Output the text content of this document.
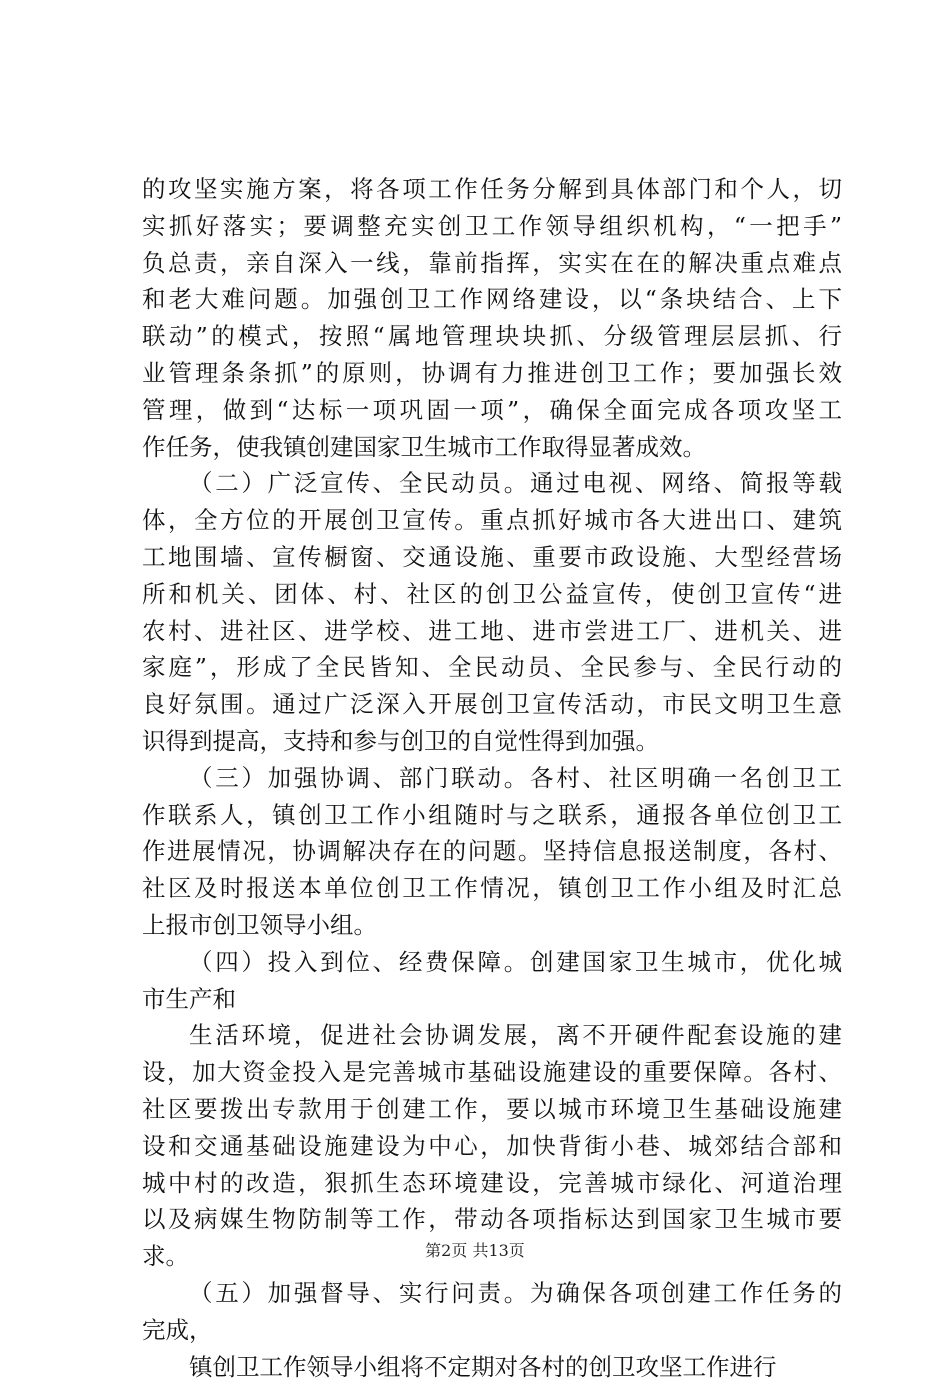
的攻坚实施方案，将各项工作任务分解到具体部门和个人，切
实抓好落实；要调整充实创卫工作领导组织机构，“一把手”
负总责，亲自深入一线，靠前指挥，实实在在的解决重点难点
和老大难问题。加强创卫工作网络建设，以“条块结合、上下
联动”的模式，按照“属地管理块块抓、分级管理层层抓、行
业管理条条抓”的原则，协调有力推进创卫工作；要加强长效
管理，做到“达标一项巩固一项”，确保全面完成各项攻坚工
作任务，使我镇创建国家卫生城市工作取得显著成效。
（二）广泛宣传、全民动员。通过电视、网络、简报等载
体，全方位的开展创卫宣传。重点抓好城市各大进出口、建筑
工地围墙、宣传橱窗、交通设施、重要市政设施、大型经营场
所和机关、团体、村、社区的创卫公益宣传，使创卫宣传“进
农村、进社区、进学校、进工地、进市尝进工厂、进机关、进
家庭”，形成了全民皆知、全民动员、全民参与、全民行动的
良好氛围。通过广泛深入开展创卫宣传活动，市民文明卫生意
识得到提高，支持和参与创卫的自觉性得到加强。
（三）加强协调、部门联动。各村、社区明确一名创卫工
作联系人，镇创卫工作小组随时与之联系，通报各单位创卫工
作进展情况，协调解决存在的问题。坚持信息报送制度，各村、
社区及时报送本单位创卫工作情况，镇创卫工作小组及时汇总
上报市创卫领导小组。
（四）投入到位、经费保障。创建国家卫生城市，优化城
市生产和
生活环境，促进社会协调发展，离不开硬件配套设施的建
设，加大资金投入是完善城市基础设施建设的重要保障。各村、
社区要拨出专款用于创建工作，要以城市环境卫生基础设施建
设和交通基础设施建设为中心，加快背街小巷、城郊结合部和
城中村的改造，狠抓生态环境建设，完善城市绿化、河道治理
以及病媒生物防制等工作，带动各项指标达到国家卫生城市要
求。
（五）加强督导、实行问责。为确保各项创建工作任务的
完成，
镇创卫工作领导小组将不定期对各村的创卫攻坚工作进行
第2页 共13页
